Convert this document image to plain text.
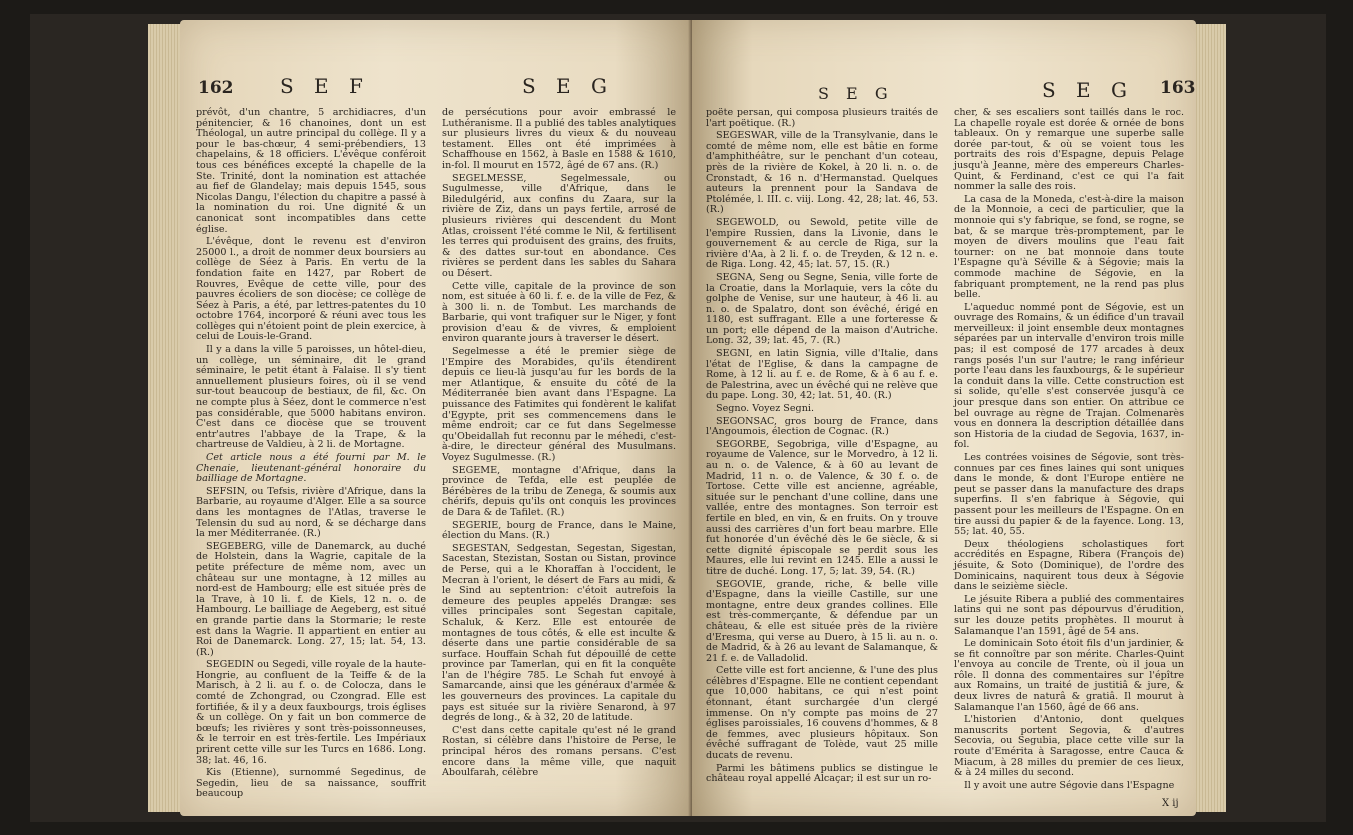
162 S E F	S E G

prévôt, d'un chantre, 5 archidiacres, d'un pénitencier, & 16 chanoines, dont un est Théologal, un autre principal du collège. Il y a pour le bas-chœur, 4 semi-prébendiers, 13 chapelains, & 18 officiers. L'évêque conféroit tous ces bénéfices excepté la chapelle de la Ste. Trinité, dont la nomination est attachée au fief de Glandelay; mais depuis 1545, sous Nicolas Dangu, l'élection du chapitre a passé à la nomination du roi. Une dignité & un canonicat sont incompatibles dans cette église.

L'évêque, dont le revenu est d'environ 25000 l., a droit de nommer deux boursiers au collège de Séez à Paris. En vertu de la fondation faite en 1427, par Robert de Rouvres, Evêque de cette ville, pour des pauvres écoliers de son diocèse; ce collège de Séez à Paris, a été, par lettres-patentes du 10 octobre 1764, incorporé & réuni avec tous les collèges qui n'étoient point de plein exercice, à celui de Louis-le-Grand.

Il y a dans la ville 5 paroisses, un hôtel-dieu, un collège, un séminaire, dit le grand séminaire, le petit étant à Falaise. Il s'y tient annuellement plusieurs foires, où il se vend sur-tout beaucoup de bestiaux, de fil, &c. On ne compte plus à Séez, dont le commerce n'est pas considérable, que 5000 habitans environ. C'est dans ce diocèse que se trouvent entr'autres l'abbaye de la Trape, & la chartreuse de Valdieu, à 2 li. de Mortagne.

Cet article nous a été fourni par M. le Chenaie, lieutenant-général honoraire du bailliage de Mortagne.

SEFSIN, ou Tefsis, rivière d'Afrique, dans la Barbarie, au royaume d'Alger. Elle a sa source dans les montagnes de l'Atlas, traverse le Telensin du sud au nord, & se décharge dans la mer Méditerranée. (R.)

SEGEBERG, ville de Danemarck, au duché de Holstein, dans la Wagrie, capitale de la petite préfecture de même nom, avec un château sur une montagne, à 12 milles au nord-est de Hambourg; elle est située près de la Trave, à 10 li. f. de Kiels, 12 n. o. de Hambourg. Le bailliage de Aegeberg, est situé en grande partie dans la Stormarie; le reste est dans la Wagrie. Il appartient en entier au Roi de Danemarck. Long. 27, 15; lat. 54, 13. (R.)

SEGEDIN ou Segedi, ville royale de la haute-Hongrie, au confluent de la Teiffe & de la Marisch, à 2 li. au f. o. de Colocza, dans le comté de Zchongrad, ou Czongrad. Elle est fortifiée, & il y a deux fauxbourgs, trois églises & un collège. On y fait un bon commerce de bœufs; les rivières y sont très-poissonneuses, & le terroir en est très-fertile. Les Impériaux prirent cette ville sur les Turcs en 1686. Long. 38; lat. 46, 16.

Kis (Etienne), surnommé Segedinus, de Segedin, lieu de sa naissance, souffrit beaucoup

de persécutions pour avoir embrassé le Luthéranisme. Il a publié des tables analytiques sur plusieurs livres du vieux & du nouveau testament. Elles ont été imprimées à Schaffhouse en 1562, à Basle en 1588 & 1610, in-fol. Il mourut en 1572, âgé de 67 ans. (R.)

SEGELMESSE, Segelmessale, ou Sugulmesse, ville d'Afrique, dans le Biledulgérid, aux confins du Zaara, sur la rivière de Ziz, dans un pays fertile, arrosé de plusieurs rivières qui descendent du Mont Atlas, croissent l'été comme le Nil, & fertilisent les terres qui produisent des grains, des fruits, & des dattes sur-tout en abondance. Ces rivières se perdent dans les sables du Sahara ou Désert.

Cette ville, capitale de la province de son nom, est située à 60 li. f. e. de la ville de Fez, & à 300 li. n. de Tombut. Les marchands de Barbarie, qui vont trafiquer sur le Niger, y font provision d'eau & de vivres, & emploient environ quarante jours à traverser le désert.

Segelmesse a été le premier siège de l'Empire des Morabides, qu'ils étendirent depuis ce lieu-là jusqu'au fur les bords de la mer Atlantique, & ensuite du côté de la Méditerranée bien avant dans l'Espagne. La puissance des Fatimites qui fondèrent le kalifat d'Egypte, prit ses commencemens dans le même endroit; car ce fut dans Segelmesse qu'Obeidallah fut reconnu par le méhedi, c'est-à-dire, le directeur général des Musulmans. Voyez Sugulmesse. (R.)

SEGEME, montagne d'Afrique, dans la province de Tefda, elle est peuplée de Bérébères de la tribu de Zenega, & soumis aux chérifs, depuis qu'ils ont conquis les provinces de Dara & de Tafilet. (R.)

SEGERIE, bourg de France, dans le Maine, élection du Mans. (R.)

SEGESTAN, Sedgestan, Segestan, Sigestan, Sacestan, Stezistan, Sostan ou Sistan, province de Perse, qui a le Khoraffan à l'occident, le Mecran à l'orient, le désert de Fars au midi, & le Sind au septentrion: c'étoit autrefois la demeure des peuples appelés Drangæ: ses villes principales sont Segestan capitale, Schaluk, & Kerz. Elle est entourée de montagnes de tous côtés, & elle est inculte & déserte dans une partie considérable de sa surface. Houffain Schah fut dépouillé de cette province par Tamerlan, qui en fit la conquête l'an de l'hégire 785. Le Schah fut envoyé à Samarcande, ainsi que les généraux d'armée & les gouverneurs des provinces. La capitale du pays est située sur la rivière Senarond, à 97 degrés de long., & à 32, 20 de latitude.

C'est dans cette capitale qu'est né le grand Rostan, si célèbre dans l'histoire de Perse, le principal héros des romans persans. C'est encore dans la même ville, que naquit Aboulfarah, célèbre

S E G	S E G 163

poëte persan, qui composa plusieurs traités de l'art poëtique. (R.)

SEGESWAR, ville de la Transylvanie, dans le comté de même nom, elle est bâtie en forme d'amphithéâtre, sur le penchant d'un coteau, près de la rivière de Kokel, à 20 li. n. o. de Cronstadt, & 16 n. d'Hermanstad. Quelques auteurs la prennent pour la Sandava de Ptolémée, l. III. c. viij. Long. 42, 28; lat. 46, 53. (R.)

SEGEWOLD, ou Sewold, petite ville de l'empire Russien, dans la Livonie, dans le gouvernement & au cercle de Riga, sur la rivière d'Aa, à 2 li. f. o. de Treyden, & 12 n. e. de Riga. Long. 42, 45; lat. 57, 15. (R.)

SEGNA, Seng ou Segne, Senia, ville forte de la Croatie, dans la Morlaquie, vers la côte du golphe de Venise, sur une hauteur, à 46 li. au n. o. de Spalatro, dont son évêché, érigé en 1180, est suffragant. Elle a une forteresse & un port; elle dépend de la maison d'Autriche. Long. 32, 39; lat. 45, 7. (R.)

SEGNI, en latin Signia, ville d'Italie, dans l'état de l'Eglise, & dans la campagne de Rome, à 12 li. au f. e. de Rome, & à 6 au f. e. de Palestrina, avec un évêché qui ne relève que du pape. Long. 30, 42; lat. 51, 40. (R.)

Segno. Voyez Segni.

SEGONSAC, gros bourg de France, dans l'Angoumois, élection de Cognac. (R.)

SEGORBE, Segobriga, ville d'Espagne, au royaume de Valence, sur le Morvedro, à 12 li. au n. o. de Valence, & à 60 au levant de Madrid, 11 n. o. de Valence, & 30 f. o. de Tortose. Cette ville est ancienne, agréable, située sur le penchant d'une colline, dans une vallée, entre des montagnes. Son terroir est fertile en bled, en vin, & en fruits. On y trouve aussi des carrières d'un fort beau marbre. Elle fut honorée d'un évêché dès le 6e siècle, & si cette dignité épiscopale se perdit sous les Maures, elle lui revint en 1245. Elle a aussi le titre de duché. Long. 17, 5; lat. 39, 54. (R.)

SEGOVIE, grande, riche, & belle ville d'Espagne, dans la vieille Castille, sur une montagne, entre deux grandes collines. Elle est très-commerçante, & défendue par un château, & elle est située près de la rivière d'Eresma, qui verse au Duero, à 15 li. au n. o. de Madrid, & à 26 au levant de Salamanque, & 21 f. e. de Valladolid.

Cette ville est fort ancienne, & l'une des plus célèbres d'Espagne. Elle ne contient cependant que 10,000 habitans, ce qui n'est point étonnant, étant surchargée d'un clergé immense. On n'y compte pas moins de 27 églises paroissiales, 16 couvens d'hommes, & 8 de femmes, avec plusieurs hôpitaux. Son évêché suffragant de Tolède, vaut 25 mille ducats de revenu.

Parmi les bâtimens publics se distingue le château royal appellé Alcaçar; il est sur un ro-

cher, & ses escaliers sont taillés dans le roc. La chapelle royale est dorée & ornée de bons tableaux. On y remarque une superbe salle dorée par-tout, & où se voient tous les portraits des rois d'Espagne, depuis Pelage jusqu'à Jeanne, mère des empereurs Charles-Quint, & Ferdinand, c'est ce qui l'a fait nommer la salle des rois.

La casa de la Moneda, c'est-à-dire la maison de la Monnoie, a ceci de particulier, que la monnoie qui s'y fabrique, se fond, se rogne, se bat, & se marque très-promptement, par le moyen de divers moulins que l'eau fait tourner: on ne bat monnoie dans toute l'Espagne qu'à Séville & à Ségovie; mais la commode machine de Ségovie, en la fabriquant promptement, ne la rend pas plus belle.

L'aqueduc nommé pont de Ségovie, est un ouvrage des Romains, & un édifice d'un travail merveilleux: il joint ensemble deux montagnes séparées par un intervalle d'environ trois mille pas; il est composé de 177 arcades à deux rangs posés l'un sur l'autre; le rang inférieur porte l'eau dans les fauxbourgs, & le supérieur la conduit dans la ville. Cette construction est si solide, qu'elle s'est conservée jusqu'à ce jour presque dans son entier. On attribue ce bel ouvrage au règne de Trajan. Colmenarès vous en donnera la description détaillée dans son Historia de la ciudad de Segovia, 1637, in-fol.

Les contrées voisines de Ségovie, sont très-connues par ces fines laines qui sont uniques dans le monde, & dont l'Europe entière ne peut se passer dans la manufacture des draps superfins. Il s'en fabrique à Ségovie, qui passent pour les meilleurs de l'Espagne. On en tire aussi du papier & de la fayence. Long. 13, 55; lat. 40, 55.

Deux théologiens scholastiques fort accrédités en Espagne, Ribera (François de) jésuite, & Soto (Dominique), de l'ordre des Dominicains, naquirent tous deux à Ségovie dans le seizième siècle.

Le jésuite Ribera a publié des commentaires latins qui ne sont pas dépourvus d'érudition, sur les douze petits prophètes. Il mourut à Salamanque l'an 1591, âgé de 54 ans.

Le dominicain Soto étoit fils d'un jardinier, & se fit connoître par son mérite. Charles-Quint l'envoya au concile de Trente, où il joua un rôle. Il donna des commentaires sur l'épître aux Romains, un traité de justitiâ & jure, & deux livres de naturâ & gratiâ. Il mourut à Salamanque l'an 1560, âgé de 66 ans.

L'historien d'Antonio, dont quelques manuscrits portent Segovia, & d'autres Secovia, ou Segubia, place cette ville sur la route d'Emérita à Saragosse, entre Cauca & Miacum, à 28 milles du premier de ces lieux, & à 24 milles du second.

Il y avoit une autre Ségovie dans l'Espagne

X ij
